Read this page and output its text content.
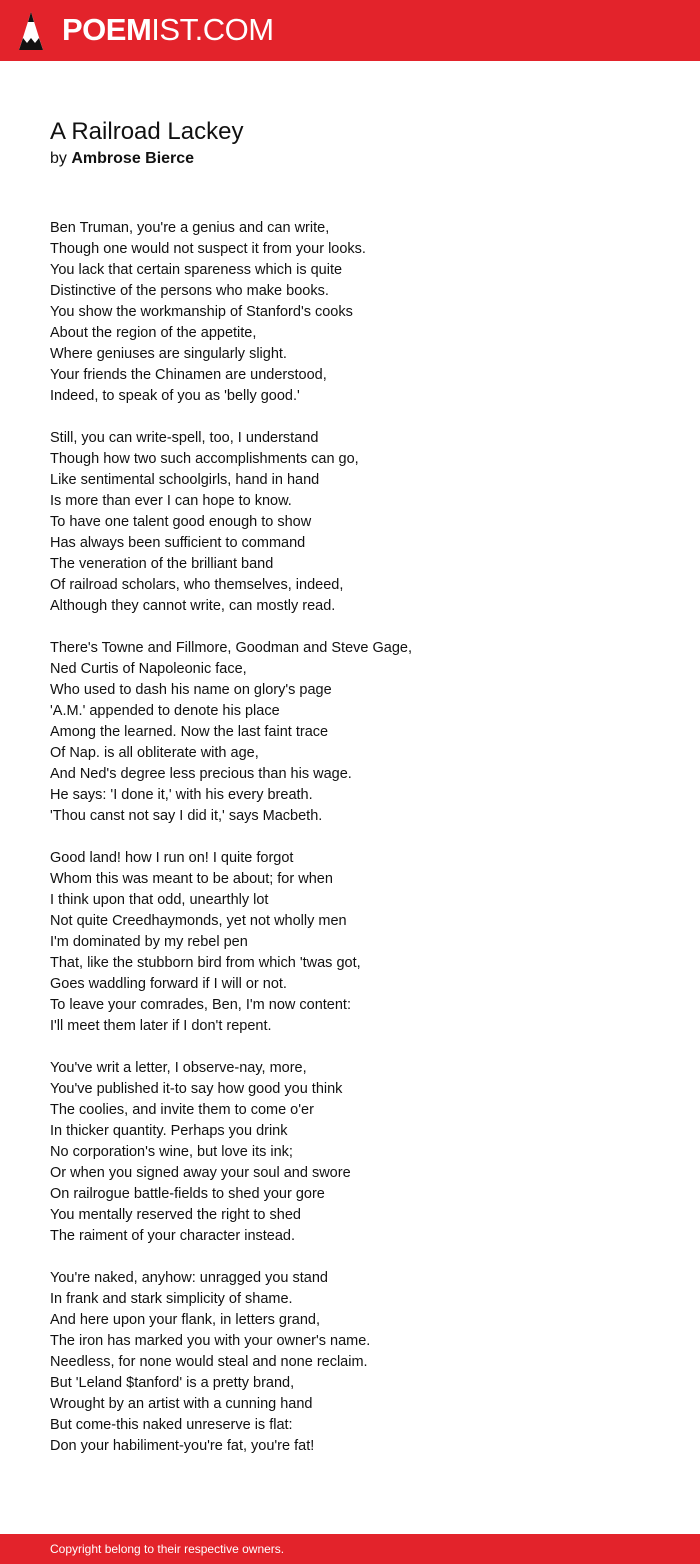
POEMIST.COM
A Railroad Lackey
by Ambrose Bierce
Ben Truman, you're a genius and can write,
Though one would not suspect it from your looks.
You lack that certain spareness which is quite
Distinctive of the persons who make books.
You show the workmanship of Stanford's cooks
About the region of the appetite,
Where geniuses are singularly slight.
Your friends the Chinamen are understood,
Indeed, to speak of you as 'belly good.'
Still, you can write-spell, too, I understand
Though how two such accomplishments can go,
Like sentimental schoolgirls, hand in hand
Is more than ever I can hope to know.
To have one talent good enough to show
Has always been sufficient to command
The veneration of the brilliant band
Of railroad scholars, who themselves, indeed,
Although they cannot write, can mostly read.
There's Towne and Fillmore, Goodman and Steve Gage,
Ned Curtis of Napoleonic face,
Who used to dash his name on glory's page
'A.M.' appended to denote his place
Among the learned. Now the last faint trace
Of Nap. is all obliterate with age,
And Ned's degree less precious than his wage.
He says: 'I done it,' with his every breath.
'Thou canst not say I did it,' says Macbeth.
Good land! how I run on! I quite forgot
Whom this was meant to be about; for when
I think upon that odd, unearthly lot
Not quite Creedhaymonds, yet not wholly men
I'm dominated by my rebel pen
That, like the stubborn bird from which 'twas got,
Goes waddling forward if I will or not.
To leave your comrades, Ben, I'm now content:
I'll meet them later if I don't repent.
You've writ a letter, I observe-nay, more,
You've published it-to say how good you think
The coolies, and invite them to come o'er
In thicker quantity. Perhaps you drink
No corporation's wine, but love its ink;
Or when you signed away your soul and swore
On railrogue battle-fields to shed your gore
You mentally reserved the right to shed
The raiment of your character instead.
You're naked, anyhow: unragged you stand
In frank and stark simplicity of shame.
And here upon your flank, in letters grand,
The iron has marked you with your owner's name.
Needless, for none would steal and none reclaim.
But 'Leland $tanford' is a pretty brand,
Wrought by an artist with a cunning hand
But come-this naked unreserve is flat:
Don your habiliment-you're fat, you're fat!
Copyright belong to their respective owners.
